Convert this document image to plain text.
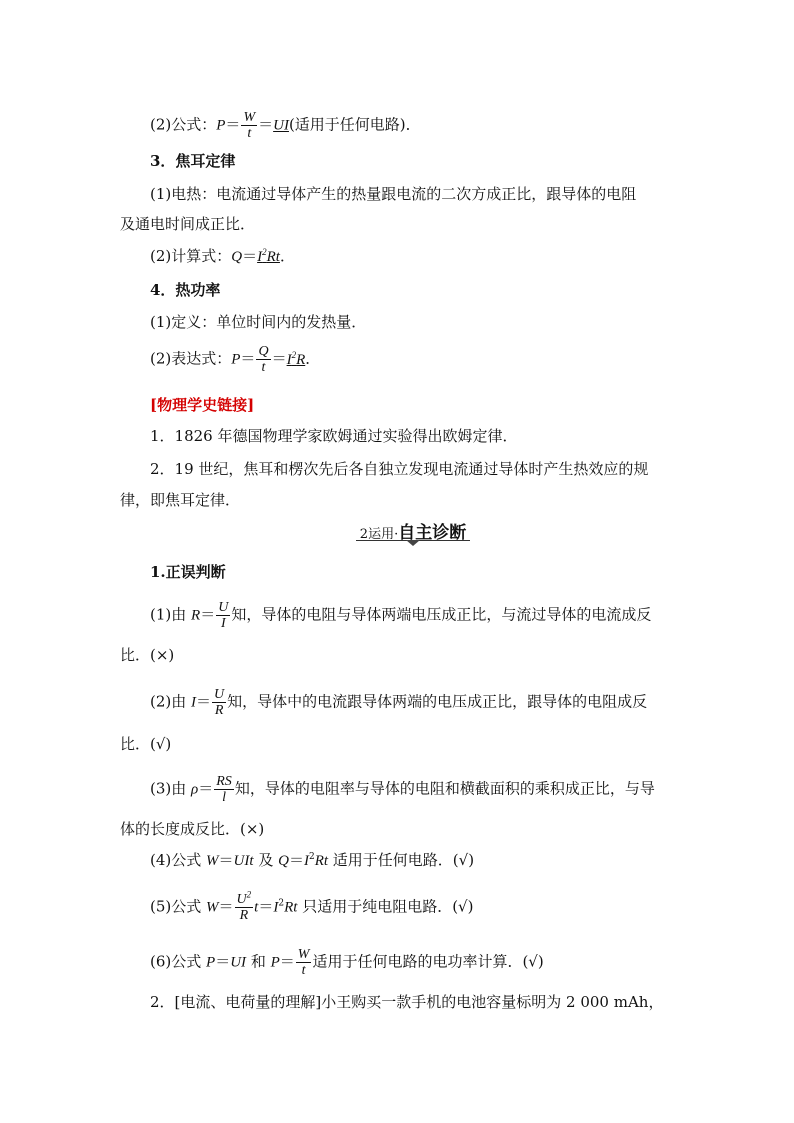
(2)公式：$P= \frac{W}{t} =UI$(适用于任何电路)．
3．焦耳定律
(1)电热：电流通过导体产生的热量跟电流的二次方成正比，跟导体的电阻
及通电时间成正比．
(2)计算式：$Q=I^2Rt$．
4．热功率
(1)定义：单位时间内的发热量．
(2)表达式：$P= \frac{Q}{t} =I^2R$．
[物理学史链接]
1．1826 年德国物理学家欧姆通过实验得出欧姆定律．
2．19 世纪，焦耳和楞次先后各自独立发现电流通过导体时产生热效应的规
律，即焦耳定律．
2运用·自主诊断
1.正误判断
(1)由 $R= \frac{U}{I}$ 知，导体的电阻与导体两端电压成正比，与流过导体的电流成反
比．(×)
(2)由 $I= \frac{U}{R}$ 知，导体中的电流跟导体两端的电压成正比，跟导体的电阻成反
比．(√)
(3)由 $\rho= \frac{RS}{l}$ 知，导体的电阻率与导体的电阻和横截面积的乘积成正比，与导
体的长度成反比．(×)
(4)公式 W＝UIt 及 $Q=I^2Rt$ 适用于任何电路．(√)
(5)公式 $W= \frac{U^2}{R} t=I^2Rt$ 只适用于纯电阻电路．(√)
(6)公式 P＝UI 和 $P= \frac{W}{t}$ 适用于任何电路的电功率计算．(√)
2．[电流、电荷量的理解]小王购买一款手机的电池容量标明为 2 000 mAh，
